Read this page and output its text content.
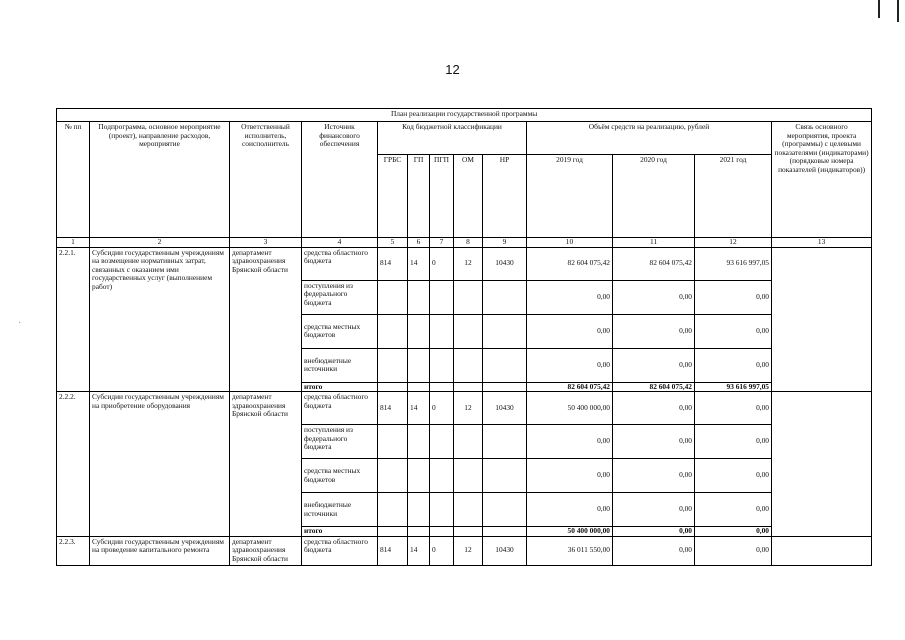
12
·
План реализации государственной программы												
№ пп	Подпрограмма, основное мероприятие (проект), направление расходов, мероприятие	Ответственный исполнитель, соисполнитель	Источник финансового обеспечения	Код бюджетной классификации					Объём средств на реализацию, рублей			Связь основного мероприятия, проекта (программы) с целевыми показателями (индикаторами) (порядковые номера показателей (индикаторов))
				ГРБС	ГП	ПГП	ОМ	НР	2019 год	2020 год	2021 год	
1	2	3	4	5	6	7	8	9	10	11	12	13
2.2.1.	Субсидии государственным учреждениям на возмещение нормативных затрат, связанных с оказанием ими государственных услуг (выполнением работ)	департамент здравоохранения Брянской области	средства областного бюджета	814	14	0	12	10430	82 604 075,42	82 604 075,42	93 616 997,05	
			поступления из федерального бюджета						0,00	0,00	0,00	
			средства местных бюджетов						0,00	0,00	0,00	
			внебюджетные источники						0,00	0,00	0,00	
			итого						82 604 075,42	82 604 075,42	93 616 997,05	
2.2.2.	Субсидии государственным учреждениям на приобретение оборудования	департамент здравоохранения Брянской области	средства областного бюджета	814	14	0	12	10430	50 400 000,00	0,00	0,00	
			поступления из федерального бюджета						0,00	0,00	0,00	
			средства местных бюджетов						0,00	0,00	0,00	
			внебюджетные источники						0,00	0,00	0,00	
			итого						50 400 000,00	0,00	0,00	
2.2.3.	Субсидии государственным учреждениям на проведение капитального ремонта	департамент здравоохранения Брянской области	средства областного бюджета	814	14	0	12	10430	36 011 550,00	0,00	0,00	
